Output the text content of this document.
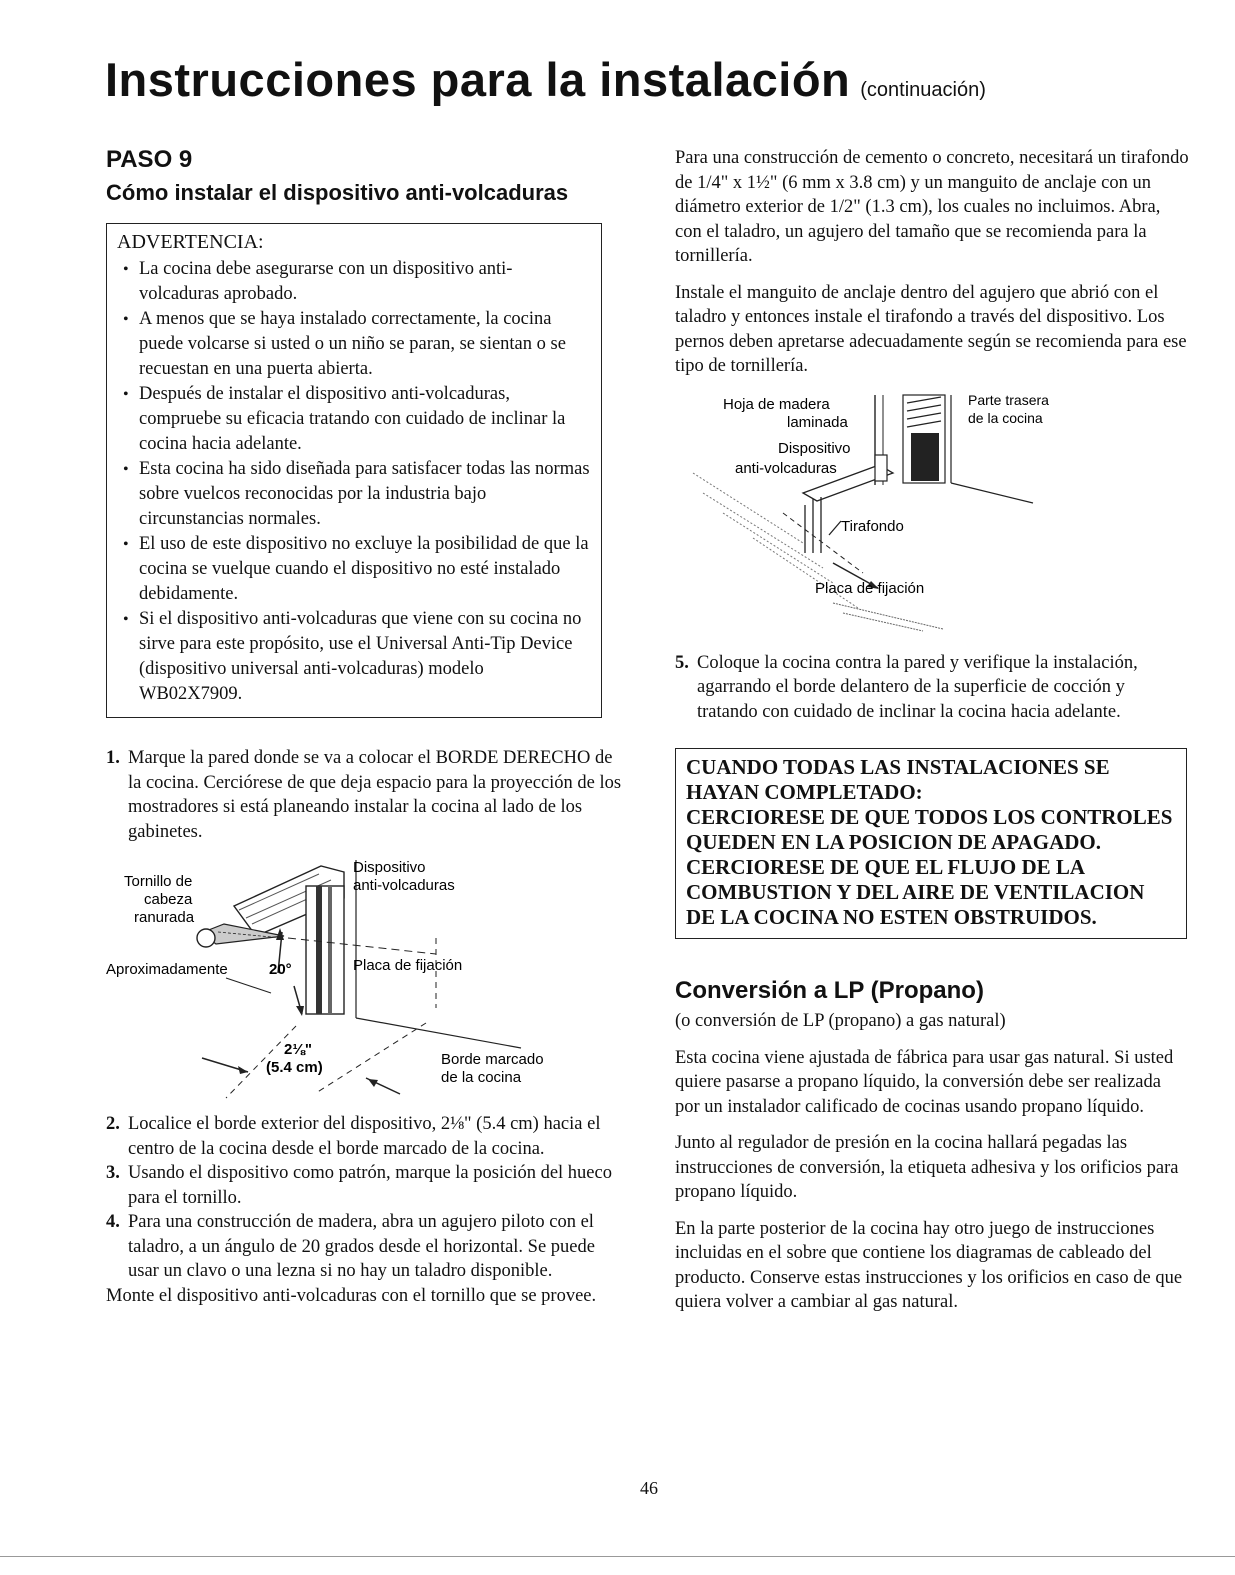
Instrucciones para la instalación (continuación)
PASO 9
Cómo instalar el dispositivo anti-volcaduras

ADVERTENCIA:

• La cocina debe asegurarse con un dispositivo anti-volcaduras aprobado.
• A menos que se haya instalado correctamente, la cocina puede volcarse si usted o un niño se paran, se sientan o se recuestan en una puerta abierta.
• Después de instalar el dispositivo anti-volcaduras, compruebe su eficacia tratando con cuidado de inclinar la cocina hacia adelante.
• Esta cocina ha sido diseñada para satisfacer todas las normas sobre vuelcos reconocidas por la industria bajo circunstancias normales.
• El uso de este dispositivo no excluye la posibilidad de que la cocina se vuelque cuando el dispositivo no esté instalado debidamente.
• Si el dispositivo anti-volcaduras que viene con su cocina no sirve para este propósito, use el Universal Anti-Tip Device (dispositivo universal anti-volcaduras) modelo WB02X7909.
1. Marque la pared donde se va a colocar el BORDE DERECHO de la cocina. Cerciórese de que deja espacio para la proyección de los mostradores si está planeando instalar la cocina al lado de los gabinetes.
Tornillo de
cabeza
ranurada
Dispositivo
anti-volcaduras
Aproximadamente	20°	Placa de fijación
2⅛"
(5.4 cm)	Borde marcado
de la cocina
2. Localice el borde exterior del dispositivo, 2⅛" (5.4 cm) hacia el centro de la cocina desde el borde marcado de la cocina.
3. Usando el dispositivo como patrón, marque la posición del hueco para el tornillo.
4. Para una construcción de madera, abra un agujero piloto con el taladro, a un ángulo de 20 grados desde el horizontal. Se puede usar un clavo o una lezna si no hay un taladro disponible.

Monte el dispositivo anti-volcaduras con el tornillo que se provee.

Para una construcción de cemento o concreto, necesitará un tirafondo de 1/4" x 1½" (6 mm x 3.8 cm) y un manguito de anclaje con un diámetro exterior de 1/2" (1.3 cm), los cuales no incluimos. Abra, con el taladro, un agujero del tamaño que se recomienda para la tornillería.

Instale el manguito de anclaje dentro del agujero que abrió con el taladro y entonces instale el tirafondo a través del dispositivo. Los pernos deben apretarse adecuadamente según se recomienda para ese tipo de tornillería.

Hoja de madera
laminada
Parte trasera
de la cocina
Dispositivo
anti-volcaduras
Tirafondo
Placa de fijación
5. Coloque la cocina contra la pared y verifique la instalación, agarrando el borde delantero de la superficie de cocción y tratando con cuidado de inclinar la cocina hacia adelante.

CUANDO TODAS LAS INSTALACIONES SE HAYAN COMPLETADO:

CERCIORESE DE QUE TODOS LOS CONTROLES QUEDEN EN LA POSICION DE APAGADO.

CERCIORESE DE QUE EL FLUJO DE LA COMBUSTION Y DEL AIRE DE VENTILACION DE LA COCINA NO ESTEN OBSTRUIDOS.

Conversión a LP (Propano)

(o conversión de LP (propano) a gas natural)

Esta cocina viene ajustada de fábrica para usar gas natural. Si usted quiere pasarse a propano líquido, la conversión debe ser realizada por un instalador calificado de cocinas usando propano líquido.

Junto al regulador de presión en la cocina hallará pegadas las instrucciones de conversión, la etiqueta adhesiva y los orificios para propano líquido.

En la parte posterior de la cocina hay otro juego de instrucciones incluidas en el sobre que contiene los diagramas de cableado del producto. Conserve estas instrucciones y los orificios en caso de que quiera volver a cambiar al gas natural.

46
